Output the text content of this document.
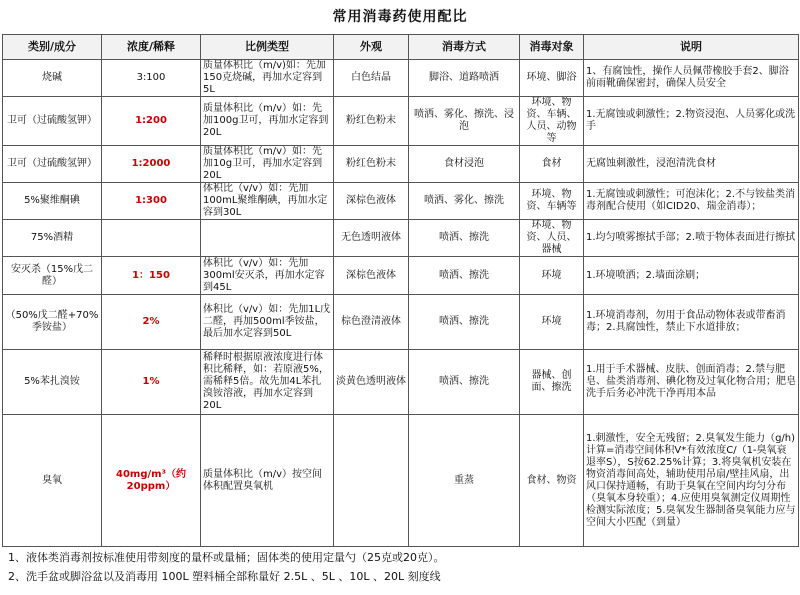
常用消毒药使用配比
类别/成分	浓度/稀释	比例类型	外观	消毒方式	消毒对象	说明
烧碱	3:100	质量体积比（m/v)如：先加150克烧碱，再加水定容到5L	白色结晶	脚浴、道路喷洒	环境、脚浴	1、有腐蚀性，操作人员佩带橡胶手套2、脚浴前雨靴确保密封，确保人员安全
卫可（过硫酸氢钾）	1:200	质量体积比（m/v）如：先加100g卫可，再加水定容到20L	粉红色粉末	喷洒、雾化、擦洗、浸泡	环境、物资、车辆、人员、动物等	1.无腐蚀或刺激性；2.物资浸泡、人员雾化或洗手
卫可（过硫酸氢钾）	1:2000	质量体积比（m/v）如：先加10g卫可，再加水定容到20L	粉红色粉末	食材浸泡	食材	无腐蚀刺激性，浸泡清洗食材
5%聚维酮碘	1:300	体积比（v/v）如：先加100mL聚维酮碘，再加水定容到30L	深棕色液体	喷洒、雾化、擦洗	环境、物资、车辆等	1.无腐蚀或刺激性；可泡沫化；2.不与铵盐类消毒剂配合使用（如CID20、瑞金消毒）；
75%酒精			无色透明液体	喷洒、擦洗	环境、物资、人员、器械	1.均匀喷雾擦拭手部；2.喷于物体表面进行擦拭
安灭杀（15%戊二醛）	1：150	体积比（v/v）如：先加300ml安灭杀，再加水定容到45L	深棕色液体	喷洒、擦洗	环境	1.环境喷洒；2.墙面涂刷；
（50%戊二醛+70%季铵盐）	2%	体积比（v/v）如：先加1L戊二醛，再加500ml季铵盐，最后加水定容到50L	棕色澄清液体	喷洒、擦洗	环境	1.环境消毒剂，勿用于食品动物体表或带畜消毒；2.具腐蚀性，禁止下水道排放；
5%苯扎溴铵	1%	稀释时根据原液浓度进行体积比稀释，如：若原液5%，需稀释5倍。故先加4L苯扎溴铵溶液，再加水定容到20L	淡黄色透明液体	喷洒、擦洗	器械、创面、擦洗	1.用于手术器械、皮肤、创面消毒；2.禁与肥皂、盐类消毒剂、碘化物及过氧化物合用；肥皂洗手后务必冲洗干净再用本品
臭氧	40mg/m³（约20ppm）	质量体积比（m/v）按空间体积配置臭氧机		重蒸	食材、物资	1.刺激性，安全无残留；2.臭氧发生能力（g/h)计算=消毒空间体积V*有效浓度C/（1-臭氧衰退率S），S按62.25%计算；3.将臭氧机安装在物资消毒间高处，辅助使用吊扇/壁挂风扇，出风口保持通畅，有助于臭氧在空间内均匀分布（臭氧本身较重）；4.应使用臭氧测定仪周期性检测实际浓度；5.臭氧发生器制备臭氧能力应与空间大小匹配（到量）
1、液体类消毒剂按标准使用带刻度的量杯或量桶；固体类的使用定量勺（25克或20克）。
2、洗手盆或脚浴盆以及消毒用 100L 塑料桶全部称量好 2.5L 、5L 、10L 、20L 刻度线
